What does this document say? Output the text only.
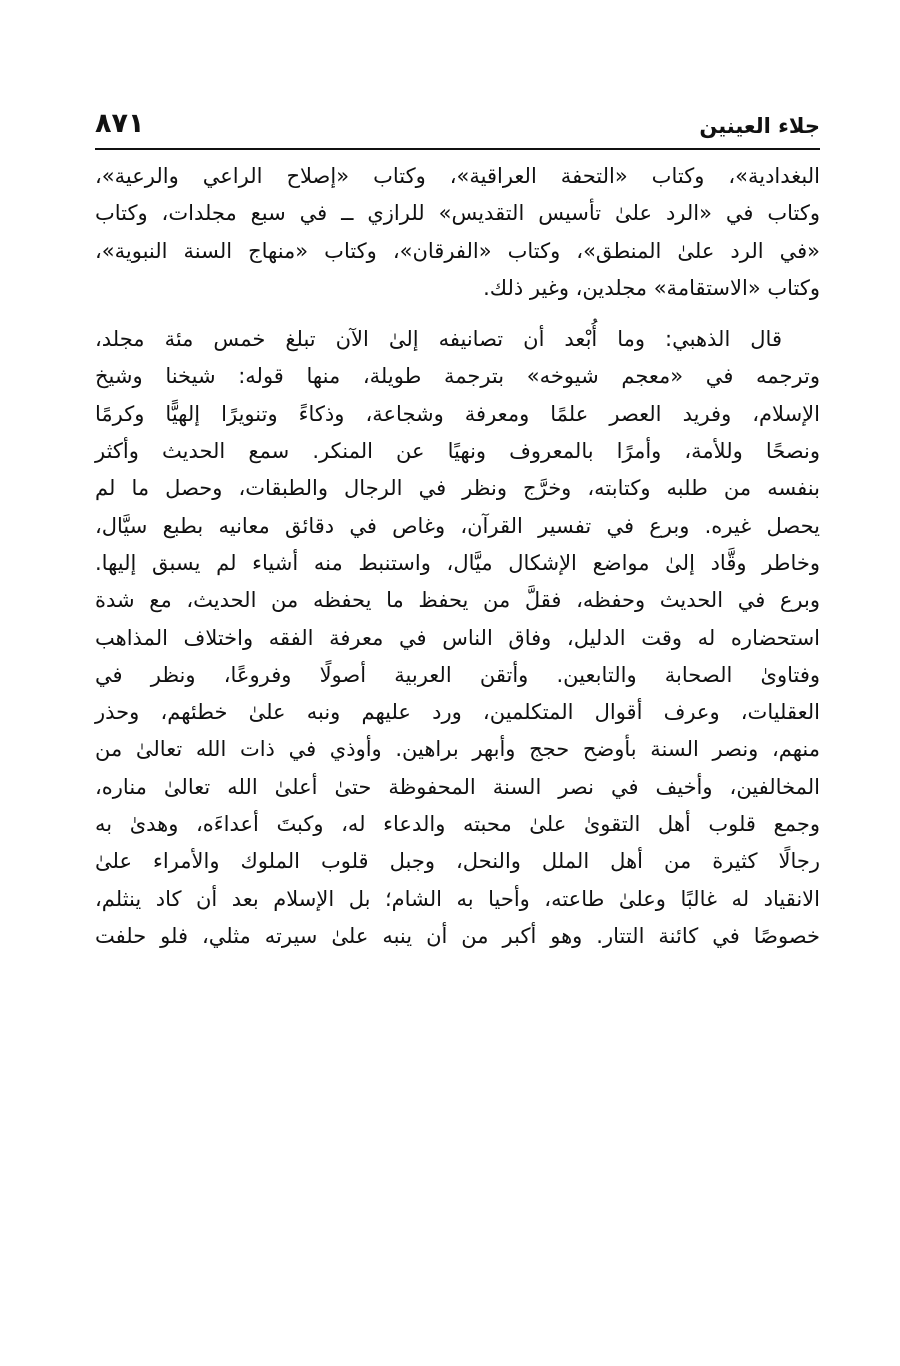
جلاء العينين
٨٧١

البغدادية»، وكتاب «التحفة العراقية»، وكتاب «إصلاح الراعي والرعية»،

وكتاب في «الرد علىٰ تأسيس التقديس» للرازي ــ في سبع مجلدات، وكتاب

«في الرد علىٰ المنطق»، وكتاب «الفرقان»، وكتاب «منهاج السنة النبوية»،

وكتاب «الاستقامة» مجلدين، وغير ذلك.

قال الذهبي: وما أُبْعد أن تصانيفه إلىٰ الآن تبلغ خمس مئة مجلد،

وترجمه في «معجم شيوخه» بترجمة طويلة، منها قوله: شيخنا وشيخ

الإسلام، وفريد العصر علمًا ومعرفة وشجاعة، وذكاءً وتنويرًا إلهيًّا وكرمًا

ونصحًا وللأمة، وأمرًا بالمعروف ونهيًا عن المنكر. سمع الحديث وأكثر

بنفسه من طلبه وكتابته، وخرَّج ونظر في الرجال والطبقات، وحصل ما لم

يحصل غيره. وبرع في تفسير القرآن، وغاص في دقائق معانيه بطبع سيَّال،

وخاطر وقَّاد إلىٰ مواضع الإشكال ميَّال، واستنبط منه أشياء لم يسبق إليها.

وبرع في الحديث وحفظه، فقلَّ من يحفظ ما يحفظه من الحديث، مع شدة

استحضاره له وقت الدليل، وفاق الناس في معرفة الفقه واختلاف المذاهب

وفتاوىٰ الصحابة والتابعين. وأتقن العربية أصولًا وفروعًا، ونظر في

العقليات، وعرف أقوال المتكلمين، ورد عليهم ونبه علىٰ خطئهم، وحذر

منهم، ونصر السنة بأوضح حجج وأبهر براهين. وأوذي في ذات الله تعالىٰ من

المخالفين، وأخيف في نصر السنة المحفوظة حتىٰ أعلىٰ الله تعالىٰ مناره،

وجمع قلوب أهل التقوىٰ علىٰ محبته والدعاء له، وكبتَ أعداءَه، وهدىٰ به

رجالًا كثيرة من أهل الملل والنحل، وجبل قلوب الملوك والأمراء علىٰ

الانقياد له غالبًا وعلىٰ طاعته، وأحيا به الشام؛ بل الإسلام بعد أن كاد ينثلم،

خصوصًا في كائنة التتار. وهو أكبر من أن ينبه علىٰ سيرته مثلي، فلو حلفت
